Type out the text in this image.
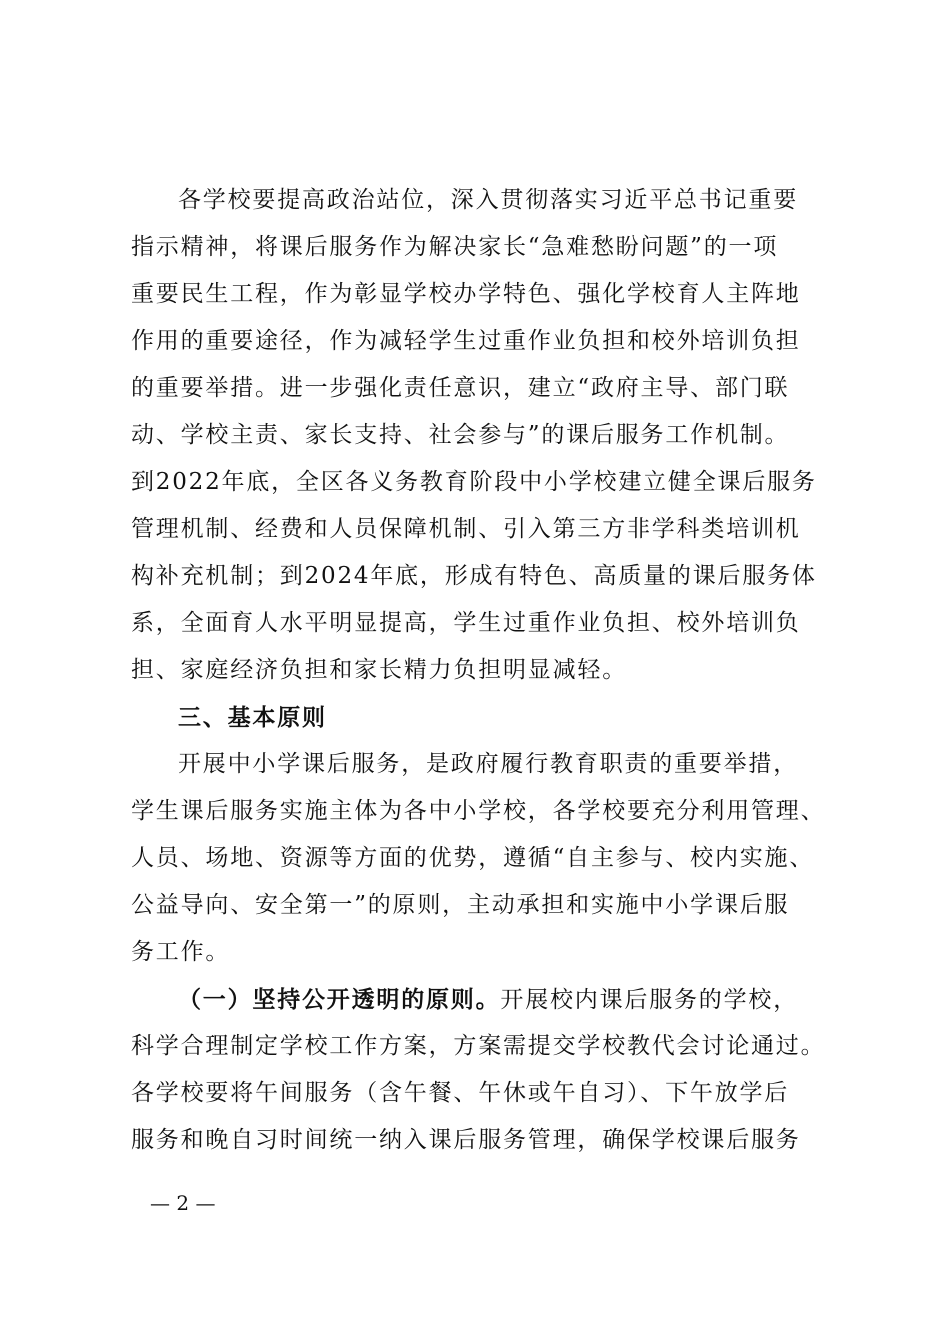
各学校要提高政治站位，深入贯彻落实习近平总书记重要
指示精神，将课后服务作为解决家长“急难愁盼问题”的一项
重要民生工程，作为彰显学校办学特色、强化学校育人主阵地
作用的重要途径，作为减轻学生过重作业负担和校外培训负担
的重要举措。进一步强化责任意识，建立“政府主导、部门联
动、学校主责、家长支持、社会参与”的课后服务工作机制。
到2022年底，全区各义务教育阶段中小学校建立健全课后服务
管理机制、经费和人员保障机制、引入第三方非学科类培训机
构补充机制；到2024年底，形成有特色、高质量的课后服务体
系，全面育人水平明显提高，学生过重作业负担、校外培训负
担、家庭经济负担和家长精力负担明显减轻。
三、基本原则
开展中小学课后服务，是政府履行教育职责的重要举措，
学生课后服务实施主体为各中小学校，各学校要充分利用管理、
人员、场地、资源等方面的优势，遵循“自主参与、校内实施、
公益导向、安全第一”的原则，主动承担和实施中小学课后服
务工作。
（一）坚持公开透明的原则。开展校内课后服务的学校，
科学合理制定学校工作方案，方案需提交学校教代会讨论通过。
各学校要将午间服务（含午餐、午休或午自习）、下午放学后
服务和晚自习时间统一纳入课后服务管理，确保学校课后服务
— 2 —
